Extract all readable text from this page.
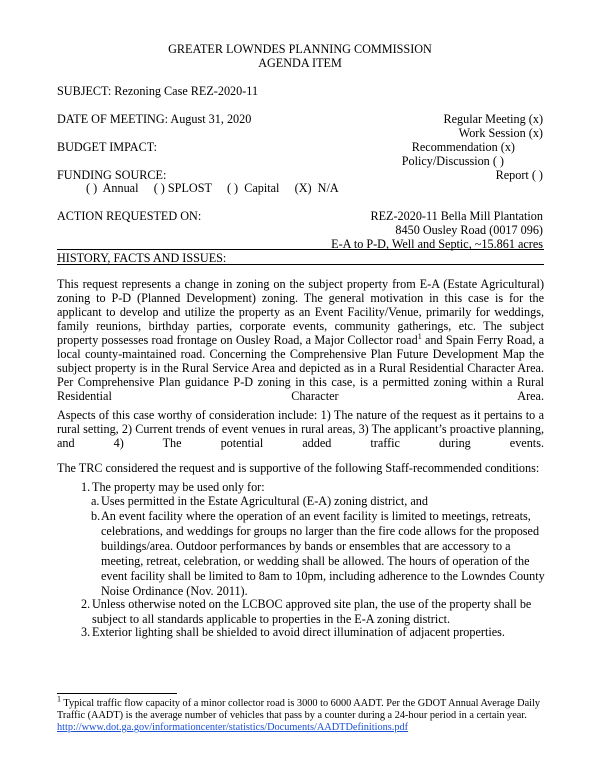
GREATER LOWNDES PLANNING COMMISSION
AGENDA ITEM
SUBJECT: Rezoning Case REZ-2020-11
DATE OF MEETING: August 31, 2020	Regular Meeting (x)
Work Session (x)
BUDGET IMPACT:	Recommendation (x)
Policy/Discussion ( )
FUNDING SOURCE:	Report ( )
( )  Annual     ( ) SPLOST     ( )  Capital     (X)  N/A
ACTION REQUESTED ON:	REZ-2020-11 Bella Mill Plantation
8450 Ousley Road (0017 096)
E-A to P-D, Well and Septic, ~15.861 acres
HISTORY, FACTS AND ISSUES:

This request represents a change in zoning on the subject property from E-A (Estate Agricultural) zoning to P-D (Planned Development) zoning. The general motivation in this case is for the applicant to develop and utilize the property as an Event Facility/Venue, primarily for weddings, family reunions, birthday parties, corporate events, community gatherings, etc. The subject property possesses road frontage on Ousley Road, a Major Collector road$^1$ and Spain Ferry Road, a local county-maintained road. Concerning the Comprehensive Plan Future Development Map the subject property is in the Rural Service Area and depicted as in a Rural Residential Character Area. Per Comprehensive Plan guidance P-D zoning in this case, is a permitted zoning within a Rural Residential Character Area.

Aspects of this case worthy of consideration include: 1) The nature of the request as it pertains to a rural setting, 2) Current trends of event venues in rural areas, 3) The applicant’s proactive planning, and 4) The potential added traffic during events.

The TRC considered the request and is supportive of the following Staff-recommended conditions:

1. The property may be used only for:
a. Uses permitted in the Estate Agricultural (E-A) zoning district, and
b. An event facility where the operation of an event facility is limited to meetings, retreats, celebrations, and weddings for groups no larger than the fire code allows for the proposed buildings/area. Outdoor performances by bands or ensembles that are accessory to a meeting, retreat, celebration, or wedding shall be allowed. The hours of operation of the event facility shall be limited to 8am to 10pm, including adherence to the Lowndes County Noise Ordinance (Nov. 2011).
2. Unless otherwise noted on the LCBOC approved site plan, the use of the property shall be subject to all standards applicable to properties in the E-A zoning district.
3. Exterior lighting shall be shielded to avoid direct illumination of adjacent properties.
$^1$ Typical traffic flow capacity of a minor collector road is 3000 to 6000 AADT. Per the GDOT Annual Average Daily Traffic (AADT) is the average number of vehicles that pass by a counter during a 24-hour period in a certain year.
http://www.dot.ga.gov/informationcenter/statistics/Documents/AADTDefinitions.pdf
